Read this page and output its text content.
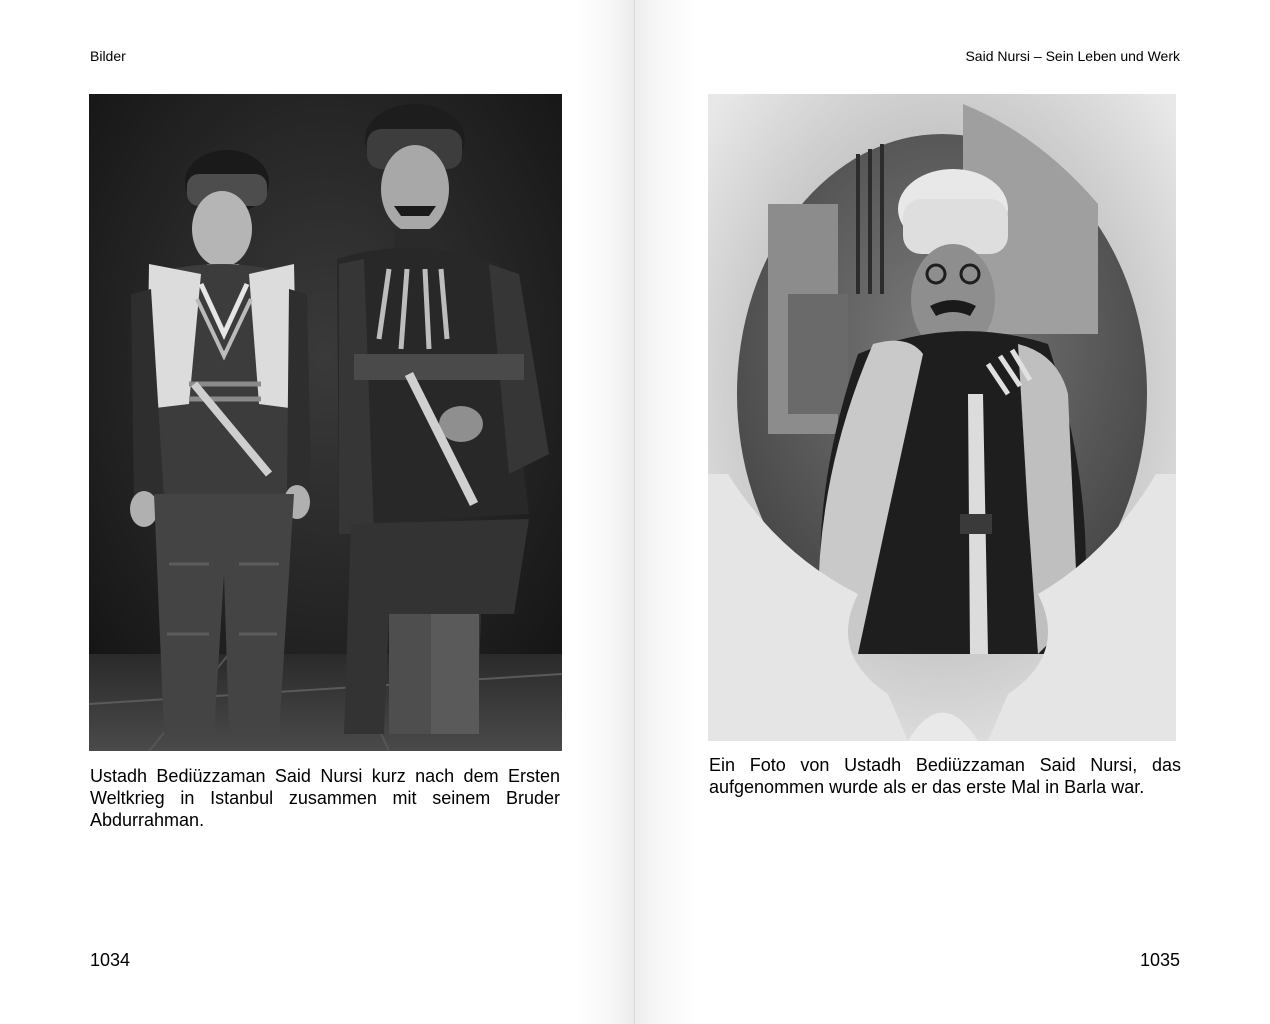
Bilder
Ustadh Bediüzzaman Said Nursi kurz nach dem Ersten Weltkrieg in Istanbul zusammen mit seinem Bruder Abdurrahman.
1034
Said Nursi – Sein Leben und Werk
Ein Foto von Ustadh Bediüzzaman Said Nursi, das aufgenommen wurde als er das erste Mal in Barla war.
1035
